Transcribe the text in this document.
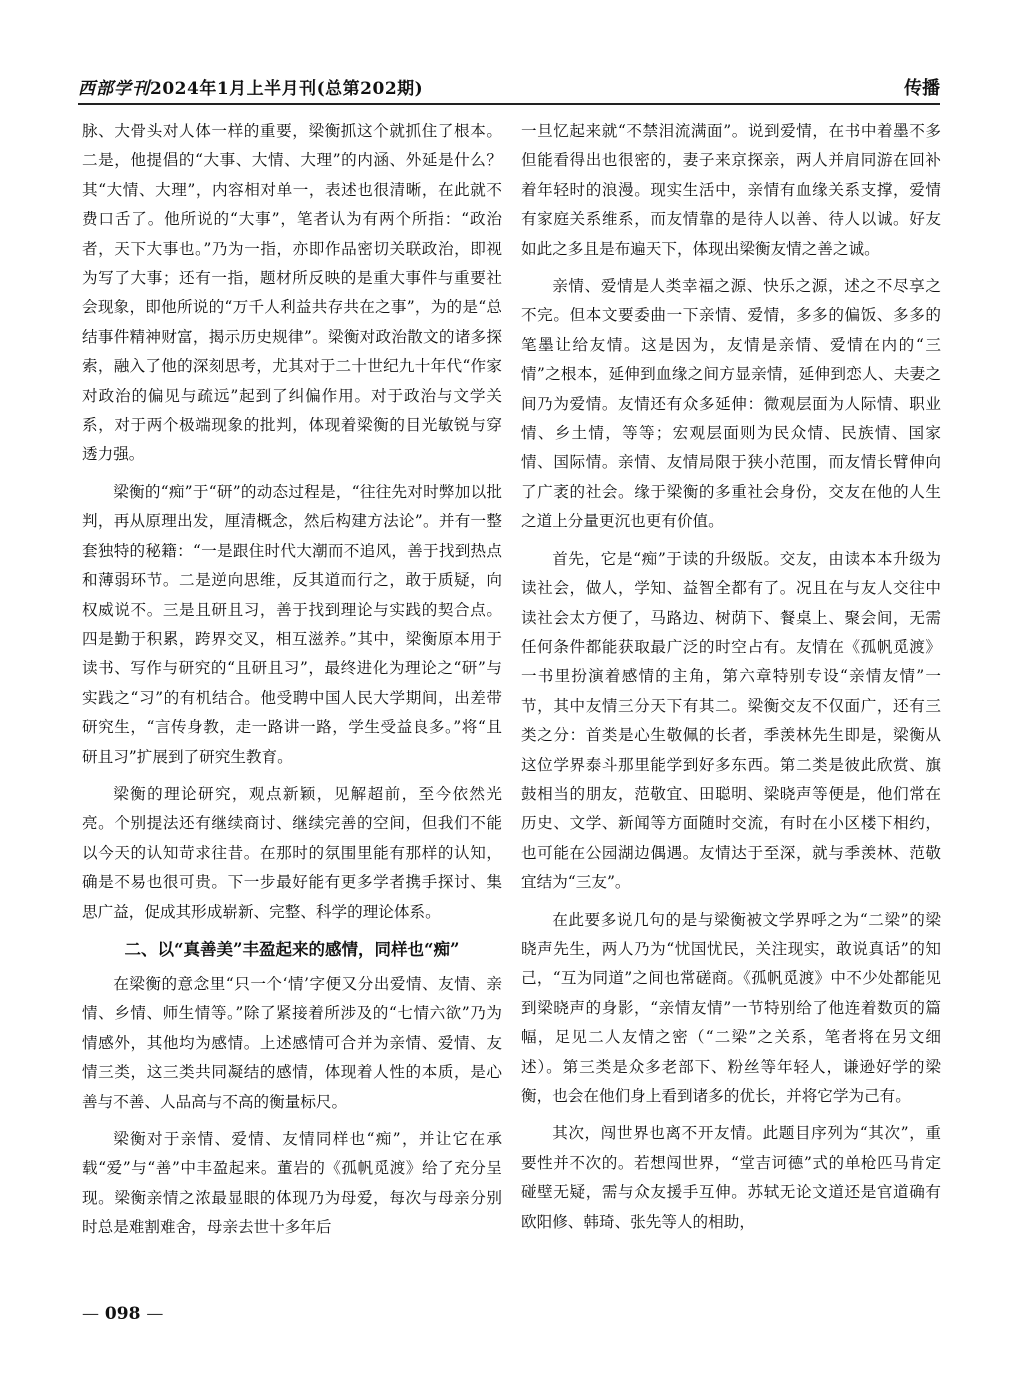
西部学刊2024年1月上半月刊(总第202期)	传播

脉、大骨头对人体一样的重要，梁衡抓这个就抓住了根本。二是，他提倡的“大事、大情、大理”的内涵、外延是什么？其“大情、大理”，内容相对单一，表述也很清晰，在此就不费口舌了。他所说的“大事”，笔者认为有两个所指：“政治者，天下大事也。”乃为一指，亦即作品密切关联政治，即视为写了大事；还有一指，题材所反映的是重大事件与重要社会现象，即他所说的“万千人利益共存共在之事”，为的是“总结事件精神财富，揭示历史规律”。梁衡对政治散文的诸多探索，融入了他的深刻思考，尤其对于二十世纪九十年代“作家对政治的偏见与疏远”起到了纠偏作用。对于政治与文学关系，对于两个极端现象的批判，体现着梁衡的目光敏锐与穿透力强。

梁衡的“痴”于“研”的动态过程是，“往往先对时弊加以批判，再从原理出发，厘清概念，然后构建方法论”。并有一整套独特的秘籍：“一是跟住时代大潮而不追风，善于找到热点和薄弱环节。二是逆向思维，反其道而行之，敢于质疑，向权威说不。三是且研且习，善于找到理论与实践的契合点。四是勤于积累，跨界交叉，相互滋养。”其中，梁衡原本用于读书、写作与研究的“且研且习”，最终进化为理论之“研”与实践之“习”的有机结合。他受聘中国人民大学期间，出差带研究生，“言传身教，走一路讲一路，学生受益良多。”将“且研且习”扩展到了研究生教育。

梁衡的理论研究，观点新颖，见解超前，至今依然光亮。个别提法还有继续商讨、继续完善的空间，但我们不能以今天的认知苛求往昔。在那时的氛围里能有那样的认知，确是不易也很可贵。下一步最好能有更多学者携手探讨、集思广益，促成其形成崭新、完整、科学的理论体系。

二、以“真善美”丰盈起来的感情，同样也“痴”

在梁衡的意念里“只一个‘情’字便又分出爱情、友情、亲情、乡情、师生情等。”除了紧接着所涉及的“七情六欲”乃为情感外，其他均为感情。上述感情可合并为亲情、爱情、友情三类，这三类共同凝结的感情，体现着人性的本质，是心善与不善、人品高与不高的衡量标尺。

梁衡对于亲情、爱情、友情同样也“痴”，并让它在承载“爱”与“善”中丰盈起来。董岩的《孤帆觅渡》给了充分呈现。梁衡亲情之浓最显眼的体现乃为母爱，每次与母亲分别时总是难割难舍，母亲去世十多年后

一旦忆起来就“不禁泪流满面”。说到爱情，在书中着墨不多但能看得出也很密的，妻子来京探亲，两人并肩同游在回补着年轻时的浪漫。现实生活中，亲情有血缘关系支撑，爱情有家庭关系维系，而友情靠的是待人以善、待人以诚。好友如此之多且是布遍天下，体现出梁衡友情之善之诚。

亲情、爱情是人类幸福之源、快乐之源，述之不尽享之不完。但本文要委曲一下亲情、爱情，多多的偏饭、多多的笔墨让给友情。这是因为，友情是亲情、爱情在内的“三情”之根本，延伸到血缘之间方显亲情，延伸到恋人、夫妻之间乃为爱情。友情还有众多延伸：微观层面为人际情、职业情、乡土情，等等；宏观层面则为民众情、民族情、国家情、国际情。亲情、友情局限于狭小范围，而友情长臂伸向了广袤的社会。缘于梁衡的多重社会身份，交友在他的人生之道上分量更沉也更有价值。

首先，它是“痴”于读的升级版。交友，由读本本升级为读社会，做人，学知、益智全都有了。况且在与友人交往中读社会太方便了，马路边、树荫下、餐桌上、聚会间，无需任何条件都能获取最广泛的时空占有。友情在《孤帆觅渡》一书里扮演着感情的主角，第六章特别专设“亲情友情”一节，其中友情三分天下有其二。梁衡交友不仅面广，还有三类之分：首类是心生敬佩的长者，季羡林先生即是，梁衡从这位学界泰斗那里能学到好多东西。第二类是彼此欣赏、旗鼓相当的朋友，范敬宜、田聪明、梁晓声等便是，他们常在历史、文学、新闻等方面随时交流，有时在小区楼下相约，也可能在公园湖边偶遇。友情达于至深，就与季羡林、范敬宜结为“三友”。

在此要多说几句的是与梁衡被文学界呼之为“二梁”的梁晓声先生，两人乃为“忧国忧民，关注现实，敢说真话”的知己，“互为同道”之间也常磋商。《孤帆觅渡》中不少处都能见到梁晓声的身影，“亲情友情”一节特别给了他连着数页的篇幅，足见二人友情之密（“二梁”之关系，笔者将在另文细述）。第三类是众多老部下、粉丝等年轻人，谦逊好学的梁衡，也会在他们身上看到诸多的优长，并将它学为己有。

其次，闯世界也离不开友情。此题目序列为“其次”，重要性并不次的。若想闯世界，“堂吉诃德”式的单枪匹马肯定碰壁无疑，需与众友援手互伸。苏轼无论文道还是官道确有欧阳修、韩琦、张先等人的相助，

— 098 —
